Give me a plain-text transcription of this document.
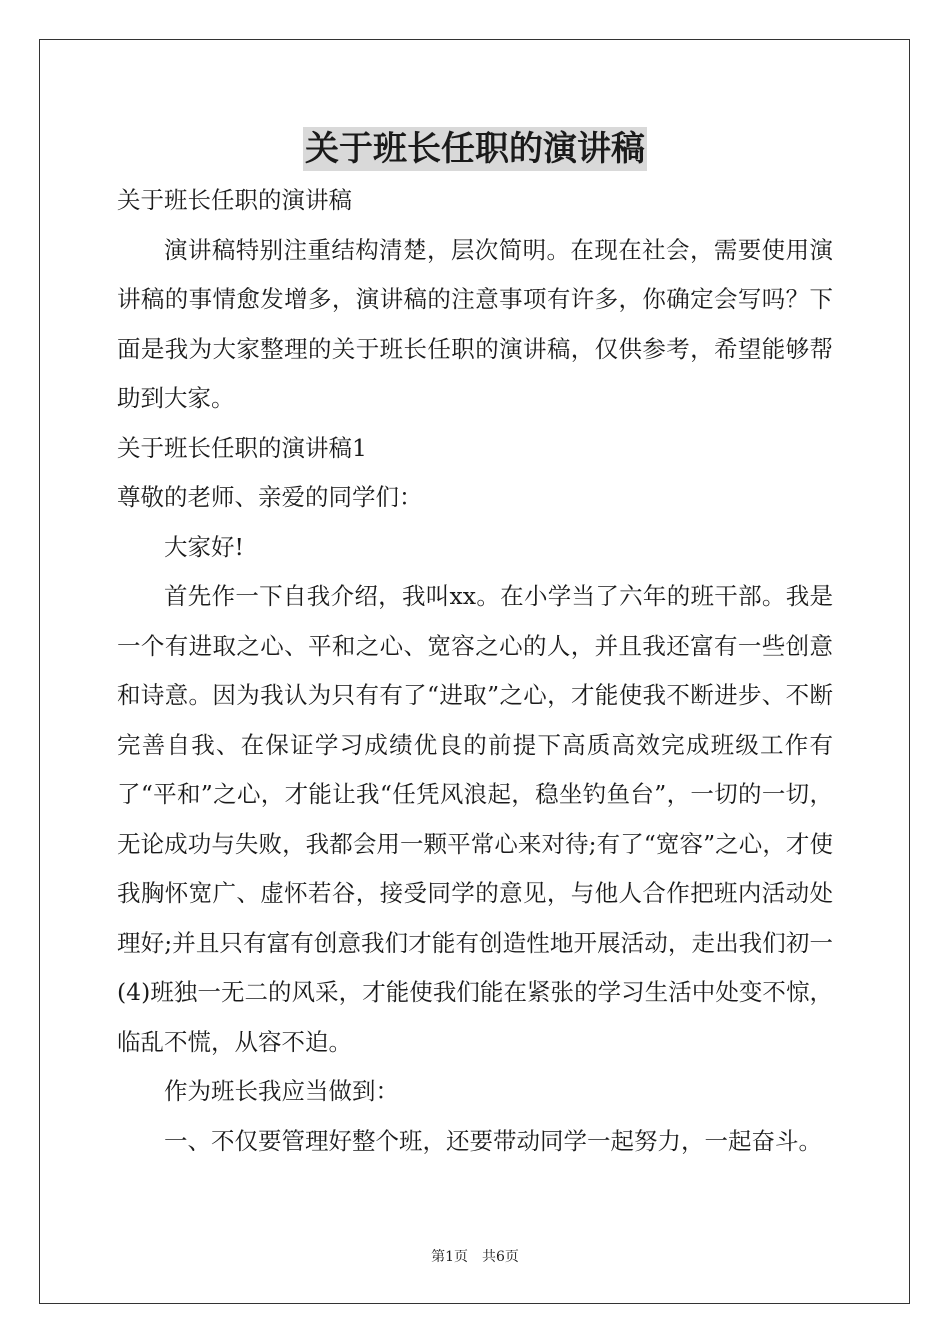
关于班长任职的演讲稿

关于班长任职的演讲稿

演讲稿特别注重结构清楚，层次简明。在现在社会，需要使用演讲稿的事情愈发增多，演讲稿的注意事项有许多，你确定会写吗？下面是我为大家整理的关于班长任职的演讲稿，仅供参考，希望能够帮助到大家。

关于班长任职的演讲稿1

尊敬的老师、亲爱的同学们：

大家好!

首先作一下自我介绍，我叫xx。在小学当了六年的班干部。我是一个有进取之心、平和之心、宽容之心的人，并且我还富有一些创意和诗意。因为我认为只有有了“进取”之心，才能使我不断进步、不断完善自我、在保证学习成绩优良的前提下高质高效完成班级工作有了“平和”之心，才能让我“任凭风浪起，稳坐钓鱼台”，一切的一切，无论成功与失败，我都会用一颗平常心来对待;有了“宽容”之心，才使我胸怀宽广、虚怀若谷，接受同学的意见，与他人合作把班内活动处理好;并且只有富有创意我们才能有创造性地开展活动，走出我们初一(4)班独一无二的风采，才能使我们能在紧张的学习生活中处变不惊，临乱不慌，从容不迫。

作为班长我应当做到：

一、不仅要管理好整个班，还要带动同学一起努力，一起奋斗。

第1页 共6页
